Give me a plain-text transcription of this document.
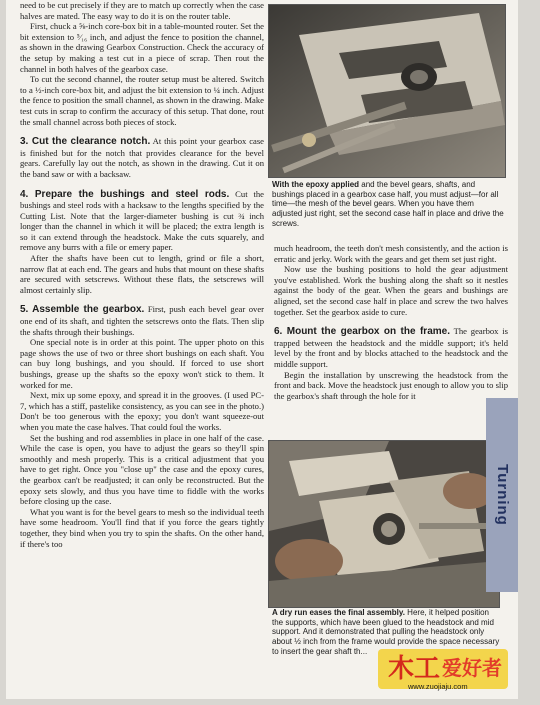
need to be cut precisely if they are to match up correctly when the case halves are mated. The easy way to do it is on the router table.

First, chuck a ⅝-inch core-box bit in a table-mounted router. Set the bit extension to ⁵⁄₁₆ inch, and adjust the fence to position the channel, as shown in the drawing Gearbox Construction. Check the accuracy of the setup by making a test cut in a piece of scrap. Then rout the channel in both halves of the gearbox case.

To cut the second channel, the router setup must be altered. Switch to a ½-inch core-box bit, and adjust the bit extension to ¼ inch. Adjust the fence to position the small channel, as shown in the drawing. Make test cuts in scrap to confirm the accuracy of this setup. That done, rout the small channel across both pieces of stock.

3. Cut the clearance notch. At this point your gearbox case is finished but for the notch that provides clearance for the bevel gears. Carefully lay out the notch, as shown in the drawing. Cut it on the band saw or with a backsaw.

4. Prepare the bushings and steel rods. Cut the bushings and steel rods with a hacksaw to the lengths specified by the Cutting List. Note that the larger-diameter bushing is cut ¾ inch longer than the channel in which it will be placed; the extra length is so it can extend through the headstock. Make the cuts squarely, and remove any burrs with a file or emery paper.

After the shafts have been cut to length, grind or file a short, narrow flat at each end. The gears and hubs that mount on these shafts are secured with setscrews. Without these flats, the setscrews will almost certainly slip.

5. Assemble the gearbox. First, push each bevel gear over one end of its shaft, and tighten the setscrews onto the flats. Then slip the shafts through their bushings.

One special note is in order at this point. The upper photo on this page shows the use of two or three short bushings on each shaft. You can buy long bushings, and you should. If forced to use short bushings, grease up the shafts so the epoxy won't stick to them. It worked for me.

Next, mix up some epoxy, and spread it in the grooves. (I used PC-7, which has a stiff, pastelike consistency, as you can see in the photo.) Don't be too generous with the epoxy; you don't want squeeze-out when you mate the case halves. That could foul the works.

Set the bushing and rod assemblies in place in one half of the case. While the case is open, you have to adjust the gears so they'll spin smoothly and mesh properly. This is a critical adjustment that you have to get right. Once you "close up" the case and the epoxy cures, the gearbox can't be readjusted; it can only be reconstructed. But the epoxy sets slowly, and thus you have time to fiddle with the works before closing up the case.

What you want is for the bevel gears to mesh so the individual teeth have some headroom. You'll find that if you force the gears tightly together, they bind when you try to spin the shafts. On the other hand, if there's too

With the epoxy applied and the bevel gears, shafts, and bushings placed in a gearbox case half, you must adjust—for all time—the mesh of the bevel gears. When you have them adjusted just right, set the second case half in place and drive the screws.

much headroom, the teeth don't mesh consistently, and the action is erratic and jerky. Work with the gears and get them set just right.

Now use the bushing positions to hold the gear adjustment you've established. Work the bushing along the shaft so it nestles against the body of the gear. When the gears and bushings are aligned, set the second case half in place and screw the two halves together. Set the gearbox aside to cure.

6. Mount the gearbox on the frame. The gearbox is trapped between the headstock and the middle support; it's held level by the front and by blocks attached to the headstock and the middle support.

Begin the installation by unscrewing the headstock from the front and back. Move the headstock just enough to allow you to slip the gearbox's shaft through the hole for it

A dry run eases the final assembly. Here, it helped position the supports, which have been glued to the headstock and mid support. And it demonstrated that pulling the headstock only about ½ inch from the frame would provide the space necessary to insert the gear shaft th...
Turning
木工 爱好者
www.zuojiaju.com
